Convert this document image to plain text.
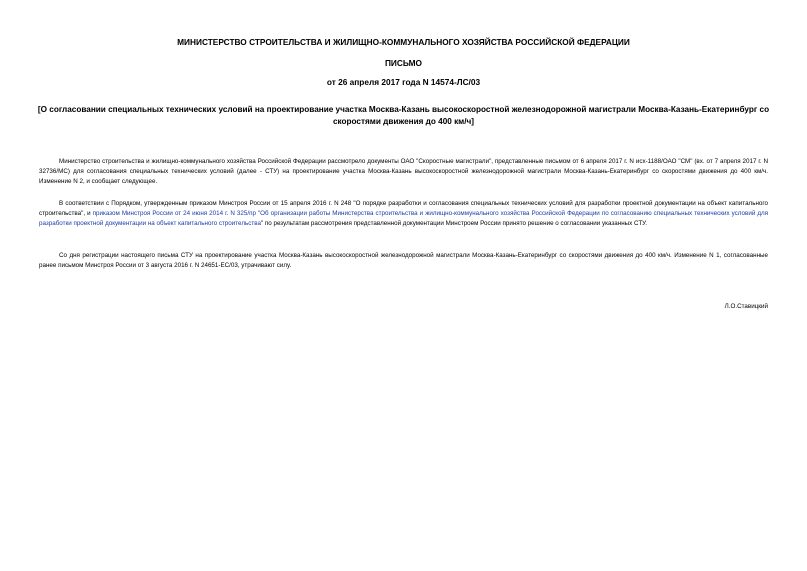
МИНИСТЕРСТВО СТРОИТЕЛЬСТВА И ЖИЛИЩНО-КОММУНАЛЬНОГО ХОЗЯЙСТВА РОССИЙСКОЙ ФЕДЕРАЦИИ
ПИСЬМО
от 26 апреля 2017 года N 14574-ЛС/03
[О согласовании специальных технических условий на проектирование участка Москва-Казань высокоскоростной железнодорожной магистрали Москва-Казань-Екатеринбург со скоростями движения до 400 км/ч]
Министерство строительства и жилищно-коммунального хозяйства Российской Федерации рассмотрело документы ОАО "Скоростные магистрали", представленные письмом от 6 апреля 2017 г. N исх-1188/ОАО "СМ" (вх. от 7 апреля 2017 г. N 32736/МС) для согласования специальных технических условий (далее - СТУ) на проектирование участка Москва-Казань высокоскоростной железнодорожной магистрали Москва-Казань-Екатеринбург со скоростями движения до 400 км/ч. Изменение N 2, и сообщает следующее.
В соответствии с Порядком, утвержденным приказом Минстроя России от 15 апреля 2016 г. N 248 "О порядке разработки и согласования специальных технических условий для разработки проектной документации на объект капитального строительства", и приказом Минстроя России от 24 июня 2014 г. N 325/пр "Об организации работы Министерства строительства и жилищно-коммунального хозяйства Российской Федерации по согласованию специальных технических условий для разработки проектной документации на объект капитального строительства" по результатам рассмотрения представленной документации Минстроем России принято решение о согласовании указанных СТУ.
Со дня регистрации настоящего письма СТУ на проектирование участка Москва-Казань высокоскоростной железнодорожной магистрали Москва-Казань-Екатеринбург со скоростями движения до 400 км/ч. Изменение N 1, согласованные ранее письмом Минстроя России от 3 августа 2016 г. N 24651-ЕС/03, утрачивают силу.
Л.О.Ставицкий
